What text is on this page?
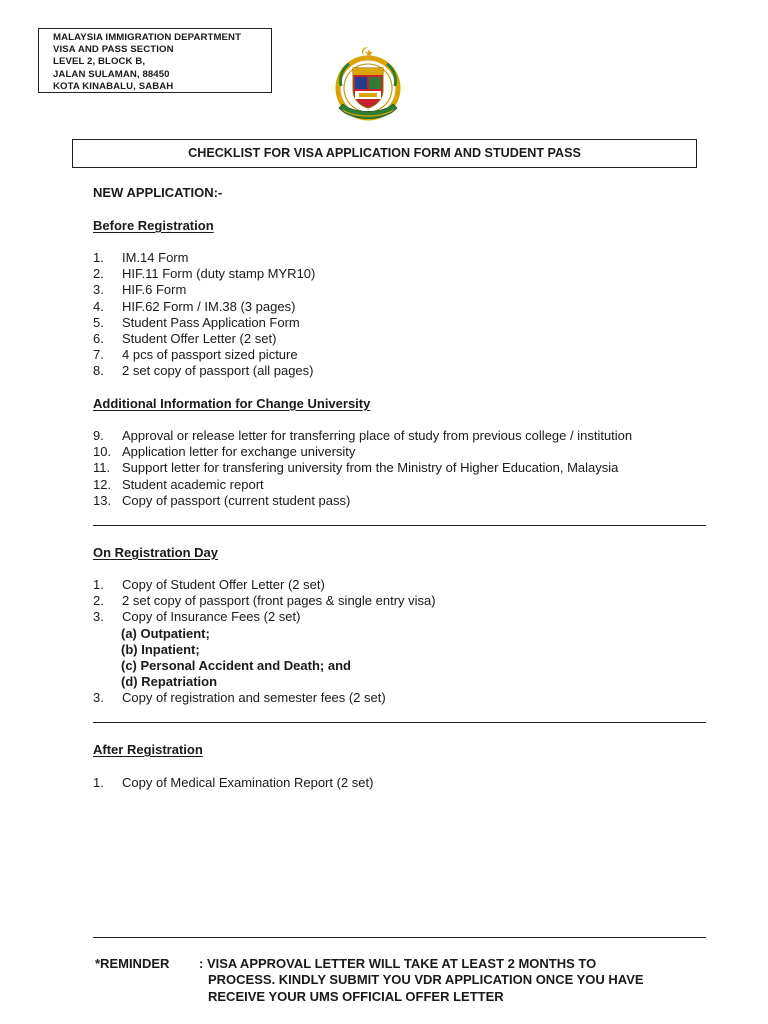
MALAYSIA IMMIGRATION DEPARTMENT
VISA AND PASS SECTION
LEVEL 2, BLOCK B,
JALAN SULAMAN, 88450
KOTA KINABALU, SABAH
CHECKLIST FOR VISA APPLICATION FORM AND STUDENT PASS
NEW APPLICATION:-
Before Registration
1. IM.14 Form
2. HIF.11 Form (duty stamp MYR10)
3. HIF.6 Form
4. HIF.62 Form / IM.38 (3 pages)
5. Student Pass Application Form
6. Student Offer Letter (2 set)
7. 4 pcs of passport sized picture
8. 2 set copy of passport (all pages)
Additional Information for Change University
9. Approval or release letter for transferring place of study from previous college / institution
10. Application letter for exchange university
11. Support letter for transfering university from the Ministry of Higher Education, Malaysia
12. Student academic report
13. Copy of passport (current student pass)
On Registration Day
1. Copy of Student Offer Letter (2 set)
2. 2 set copy of passport (front pages & single entry visa)
3. Copy of Insurance Fees (2 set)
(a) Outpatient;
(b) Inpatient;
(c) Personal Accident and Death; and
(d) Repatriation
3. Copy of registration and semester fees (2 set)
After Registration
1. Copy of Medical Examination Report (2 set)
*REMINDER : VISA APPROVAL LETTER WILL TAKE AT LEAST 2 MONTHS TO
PROCESS. KINDLY SUBMIT YOU VDR APPLICATION ONCE YOU HAVE
RECEIVE YOUR UMS OFFICIAL OFFER LETTER
